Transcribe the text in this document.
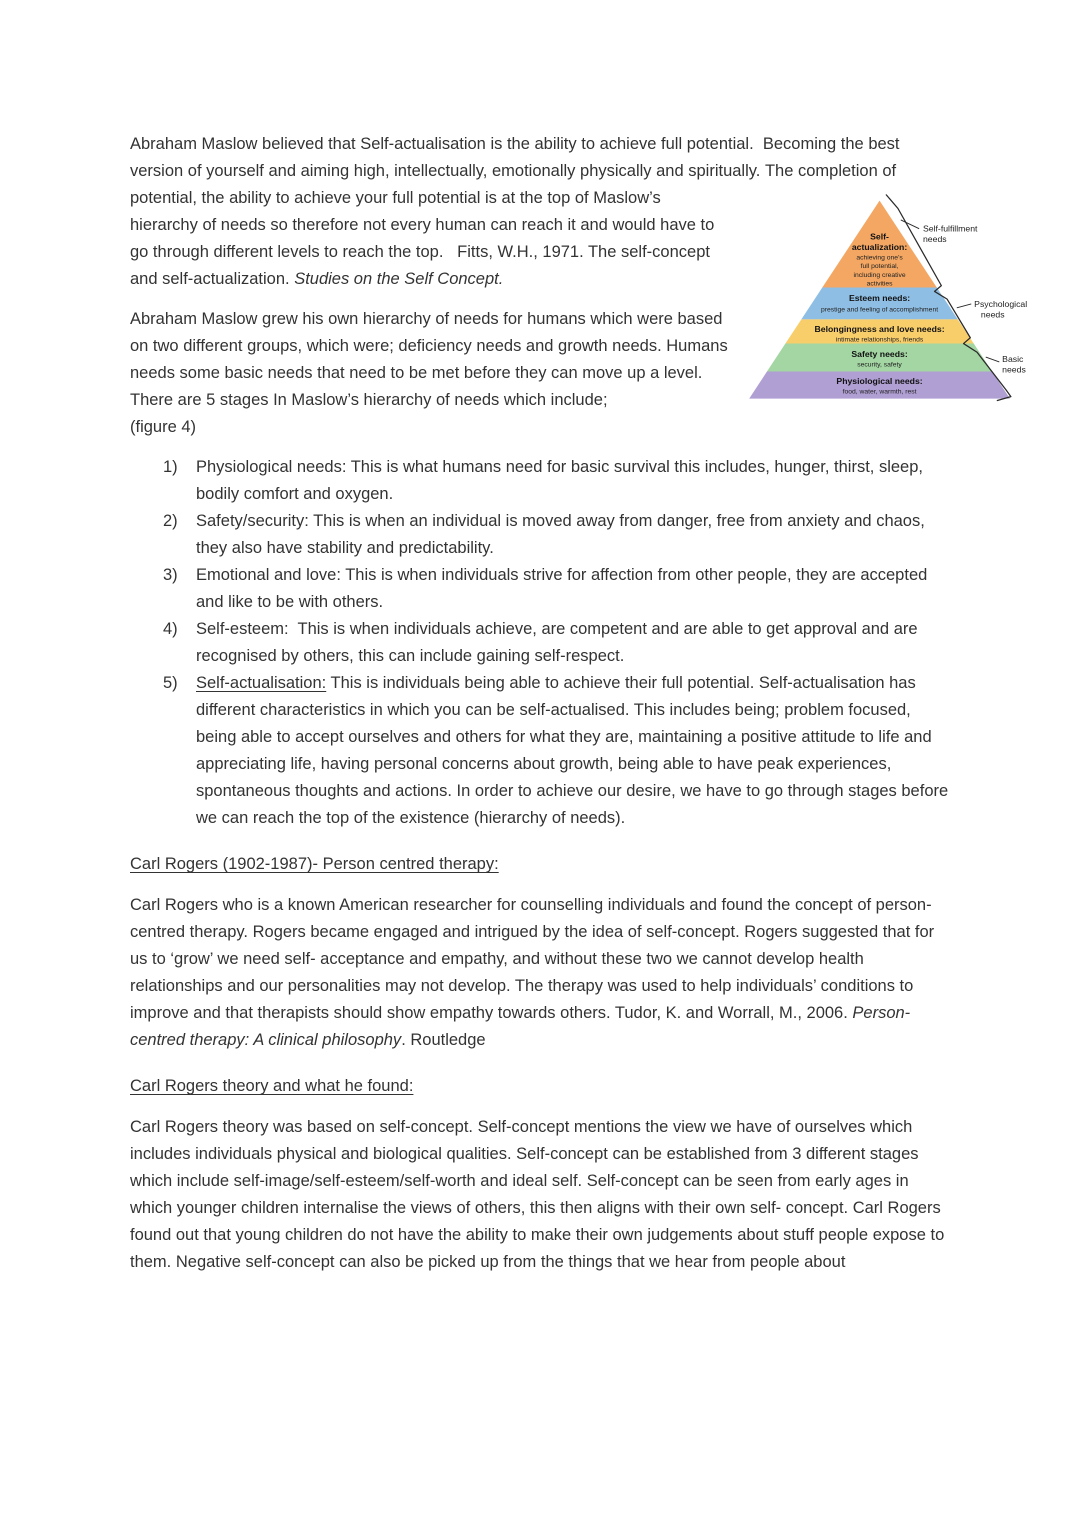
Abraham Maslow believed that Self-actualisation is the ability to achieve full potential.  Becoming the best version of yourself and aiming high, intellectually, emotionally physically and spiritually.
Self-
actualization:
achieving one’s
full potential,
including creative
activities
Esteem needs:
prestige and feeling of accomplishment
Belongingness and love needs:
intimate relationships, friends
Safety needs:
security, safety
Physiological needs:
food, water, warmth, rest
Self-fulfillment
needs
Psychological
needs
Basic
needs
The completion of potential, the ability to achieve your full potential is at the top of Maslow’s hierarchy of needs so therefore not every human can reach it and would have to go through different levels to reach the top.   Fitts, W.H., 1971. The self-concept and self-actualization. Studies on the Self Concept.

Abraham Maslow grew his own hierarchy of needs for humans which were based on two different groups, which were; deficiency needs and growth needs. Humans needs some basic needs that need to be met before they can move up a level. There are 5 stages In Maslow’s hierarchy of needs which include;
(figure 4)

1)	Physiological needs: This is what humans need for basic survival this includes, hunger, thirst, sleep, bodily comfort and oxygen.
2)	Safety/security: This is when an individual is moved away from danger, free from anxiety and chaos, they also have stability and predictability.
3)	Emotional and love: This is when individuals strive for affection from other people, they are accepted and like to be with others.
4)	Self-esteem:  This is when individuals achieve, are competent and are able to get approval and are recognised by others, this can include gaining self-respect.
5)	Self-actualisation: This is individuals being able to achieve their full potential. Self-actualisation has different characteristics in which you can be self-actualised. This includes being; problem focused, being able to accept ourselves and others for what they are, maintaining a positive attitude to life and appreciating life, having personal concerns about growth, being able to have peak experiences, spontaneous thoughts and actions. In order to achieve our desire, we have to go through stages before we can reach the top of the existence (hierarchy of needs).

Carl Rogers (1902-1987)- Person centred therapy:

Carl Rogers who is a known American researcher for counselling individuals and found the concept of person-centred therapy. Rogers became engaged and intrigued by the idea of self-concept. Rogers suggested that for us to ‘grow’ we need self- acceptance and empathy, and without these two we cannot develop health relationships and our personalities may not develop. The therapy was used to help individuals’ conditions to improve and that therapists should show empathy towards others. Tudor, K. and Worrall, M., 2006. Person-centred therapy: A clinical philosophy. Routledge

Carl Rogers theory and what he found:

Carl Rogers theory was based on self-concept. Self-concept mentions the view we have of ourselves which includes individuals physical and biological qualities. Self-concept can be established from 3 different stages which include self-image/self-esteem/self-worth and ideal self. Self-concept can be seen from early ages in which younger children internalise the views of others, this then aligns with their own self- concept. Carl Rogers found out that young children do not have the ability to make their own judgements about stuff people expose to them. Negative self-concept can also be picked up from the things that we hear from people about
